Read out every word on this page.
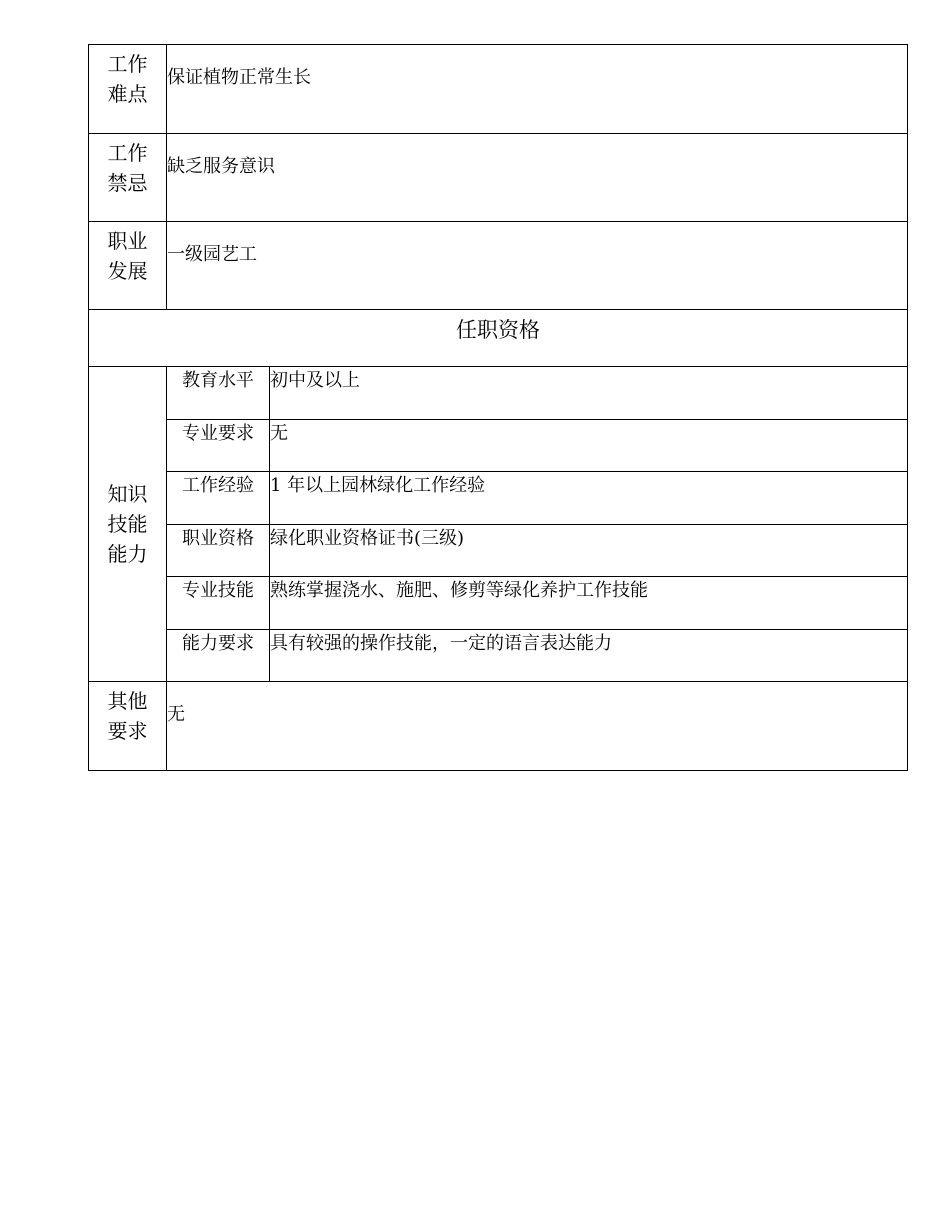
工作
难点	保证植物正常生长	

工作
禁忌	缺乏服务意识	

职业
发展	一级园艺工	
任职资格		

知识
技能
能力	教育水平	初中及以上
	专业要求	无
	工作经验	1 年以上园林绿化工作经验
	职业资格	绿化职业资格证书(三级)
	专业技能	熟练掌握浇水、施肥、修剪等绿化养护工作技能
	能力要求	具有较强的操作技能，一定的语言表达能力

其他
要求	无	
